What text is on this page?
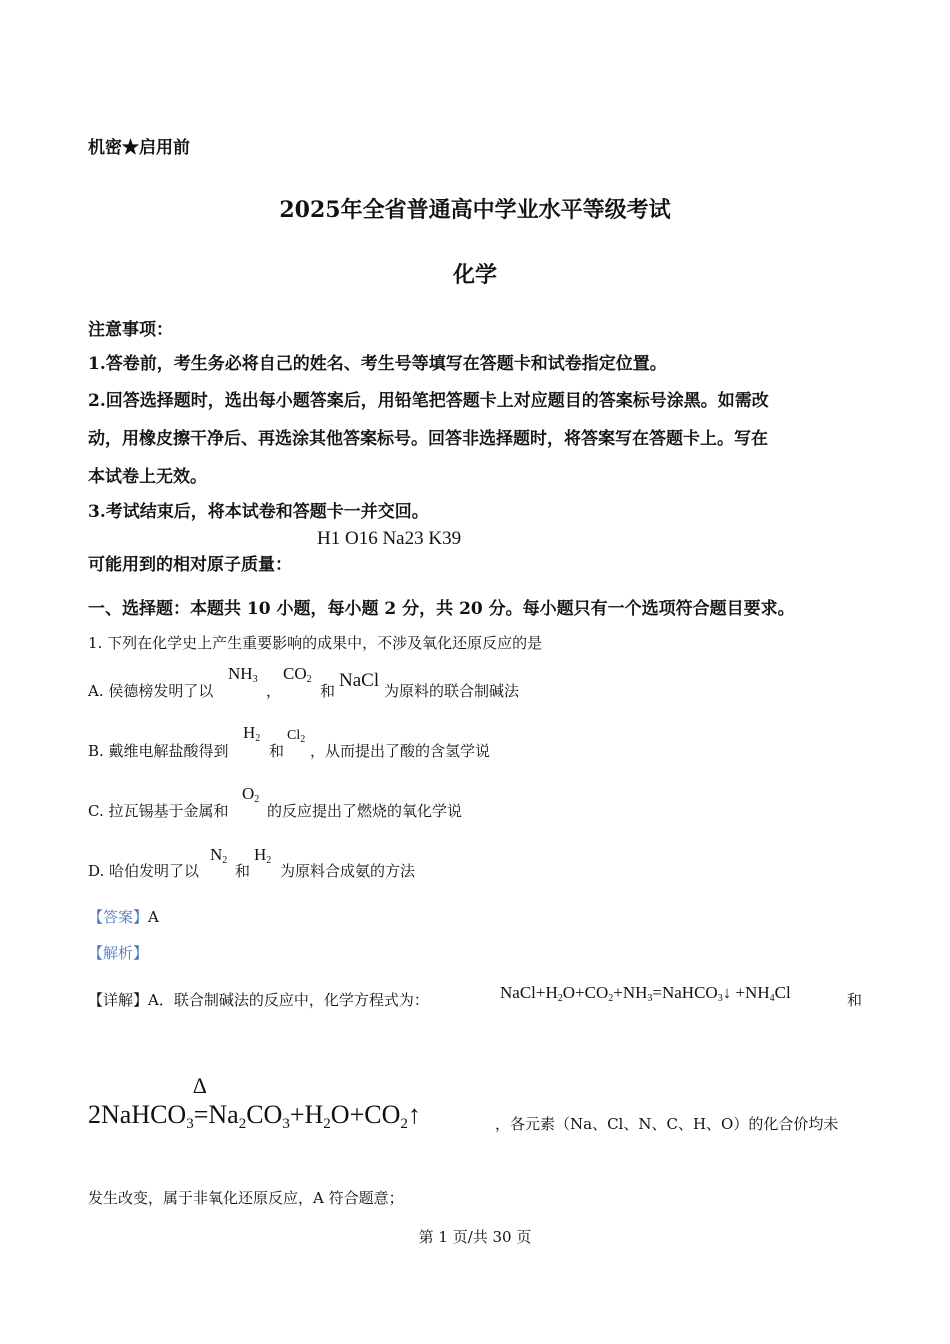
机密★启用前
2025年全省普通高中学业水平等级考试
化学
注意事项：
1.答卷前，考生务必将自己的姓名、考生号等填写在答题卡和试卷指定位置。
2.回答选择题时，选出每小题答案后，用铅笔把答题卡上对应题目的答案标号涂黑。如需改
动，用橡皮擦干净后、再选涂其他答案标号。回答非选择题时，将答案写在答题卡上。写在
本试卷上无效。
3.考试结束后，将本试卷和答题卡一并交回。
可能用到的相对原子质量：
H1 O16 Na23 K39
一、选择题：本题共 10 小题，每小题 2 分，共 20 分。每小题只有一个选项符合题目要求。
1. 下列在化学史上产生重要影响的成果中，不涉及氧化还原反应的是
A. 侯德榜发明了以
$NH_3$
，
$CO_2$
和 NaCl 为原料的联合制碱法
B. 戴维电解盐酸得到
$H_2$
和
$Cl_2$
，从而提出了酸的含氢学说
C. 拉瓦锡基于金属和
$O_2$
的反应提出了燃烧的氧化学说
D. 哈伯发明了以
$N_2$
和
$H_2$
为原料合成氨的方法
【答案】A
【解析】
【详解】A．联合制碱法的反应中，化学方程式为：	$NaCl+H_2O+CO_2+NH_3=NaHCO_3↓ +NH_4Cl$	和
2NaHCO3
Δ
=Na2CO3+H2O+CO2↑	，各元素（Na、Cl、N、C、H、O）的化合价均未
发生改变，属于非氧化还原反应，A 符合题意；
第 1 页/共 30 页
